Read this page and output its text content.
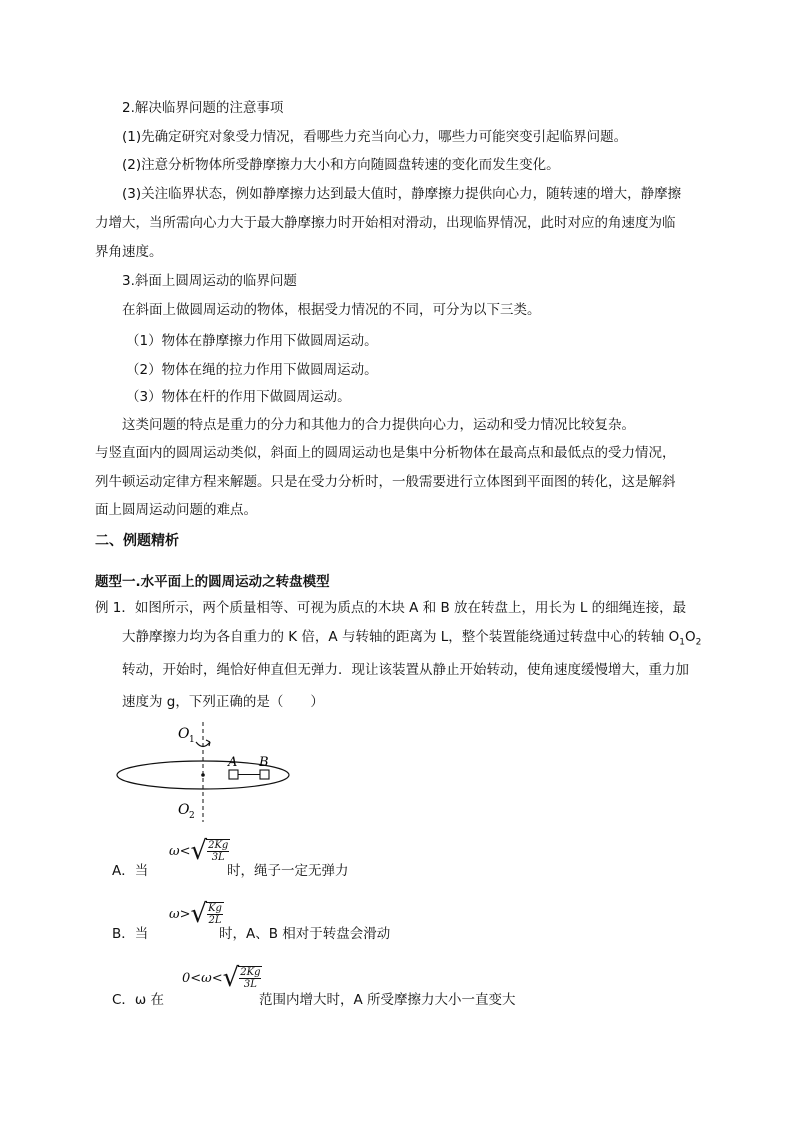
2.解决临界问题的注意事项
(1)先确定研究对象受力情况，看哪些力充当向心力，哪些力可能突变引起临界问题。
(2)注意分析物体所受静摩擦力大小和方向随圆盘转速的变化而发生变化。
(3)关注临界状态，例如静摩擦力达到最大值时，静摩擦力提供向心力，随转速的增大，静摩擦
力增大，当所需向心力大于最大静摩擦力时开始相对滑动，出现临界情况，此时对应的角速度为临
界角速度。
3.斜面上圆周运动的临界问题
在斜面上做圆周运动的物体，根据受力情况的不同，可分为以下三类。
（1）物体在静摩擦力作用下做圆周运动。
（2）物体在绳的拉力作用下做圆周运动。
（3）物体在杆的作用下做圆周运动。
这类问题的特点是重力的分力和其他力的合力提供向心力，运动和受力情况比较复杂。
与竖直面内的圆周运动类似，斜面上的圆周运动也是集中分析物体在最高点和最低点的受力情况，
列牛顿运动定律方程来解题。只是在受力分析时，一般需要进行立体图到平面图的转化，这是解斜
面上圆周运动问题的难点。
二、例题精析
题型一.水平面上的圆周运动之转盘模型
例 1．如图所示，两个质量相等、可视为质点的木块 A 和 B 放在转盘上，用长为 L 的细绳连接，最
大静摩擦力均为各自重力的 K 倍，A 与转轴的距离为 L，整个装置能绕通过转盘中心的转轴 $O_1O_2$
转动，开始时，绳恰好伸直但无弹力．现让该装置从静止开始转动，使角速度缓慢增大，重力加
速度为 g，下列正确的是（　　）
O 1
O 2
A B
A．当
ω< √ $\frac{2Kg}{3L}$
时，绳子一定无弹力
B．当
ω> √ $\frac{Kg}{2L}$
时，A、B 相对于转盘会滑动
C．ω 在
0<ω< √ $\frac{2Kg}{3L}$
范围内增大时，A 所受摩擦力大小一直变大
